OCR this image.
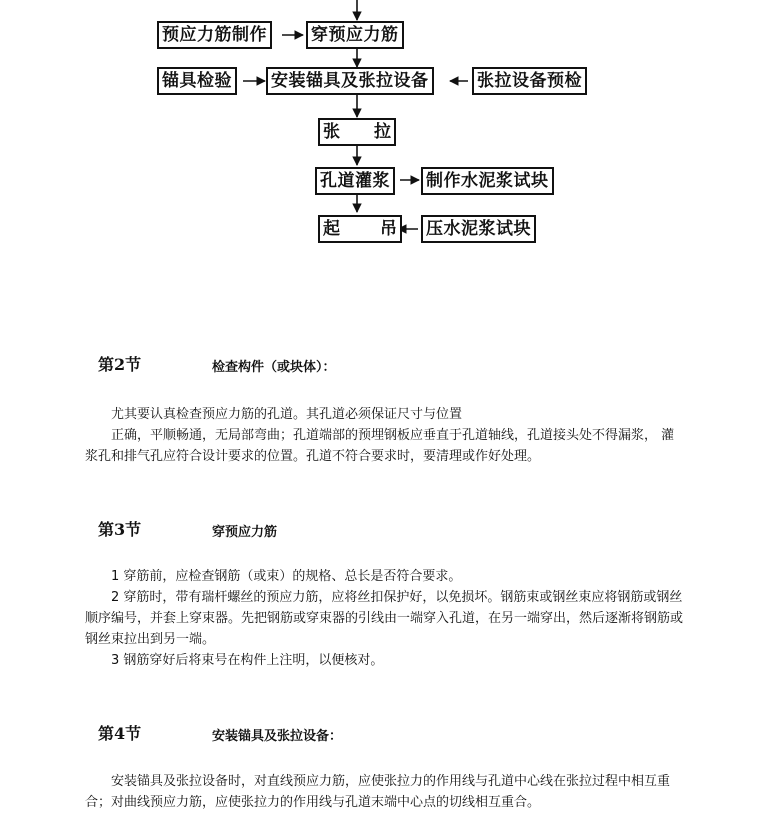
预应力筋制作	穿预应力筋
锚具检验 安装锚具及张拉设备	张拉设备预检
张 拉
孔道灌浆 制作水泥浆试块
起 吊 压水泥浆试块
第2节	检查构件（或块体）：

尤其要认真检查预应力筋的孔道。其孔道必须保证尺寸与位置

正确，平顺畅通，无局部弯曲；孔道端部的预埋钢板应垂直于孔道轴线，孔道接头处不得漏浆， 灌浆孔和排气孔应符合设计要求的位置。孔道不符合要求时，要清理或作好处理。

第3节	穿预应力筋

1 穿筋前，应检查钢筋（或束）的规格、总长是否符合要求。

2 穿筋时，带有瑞杆螺丝的预应力筋，应将丝扣保护好，以免损坏。钢筋束或钢丝束应将钢筋或钢丝顺序编号，并套上穿束器。先把钢筋或穿束器的引线由一端穿入孔道，在另一端穿出，然后逐渐将钢筋或钢丝束拉出到另一端。

3 钢筋穿好后将束号在构件上注明，以便核对。

第4节	安装锚具及张拉设备：

安装锚具及张拉设备时，对直线预应力筋，应使张拉力的作用线与孔道中心线在张拉过程中相互重合；对曲线预应力筋，应使张拉力的作用线与孔道末端中心点的切线相互重合。
